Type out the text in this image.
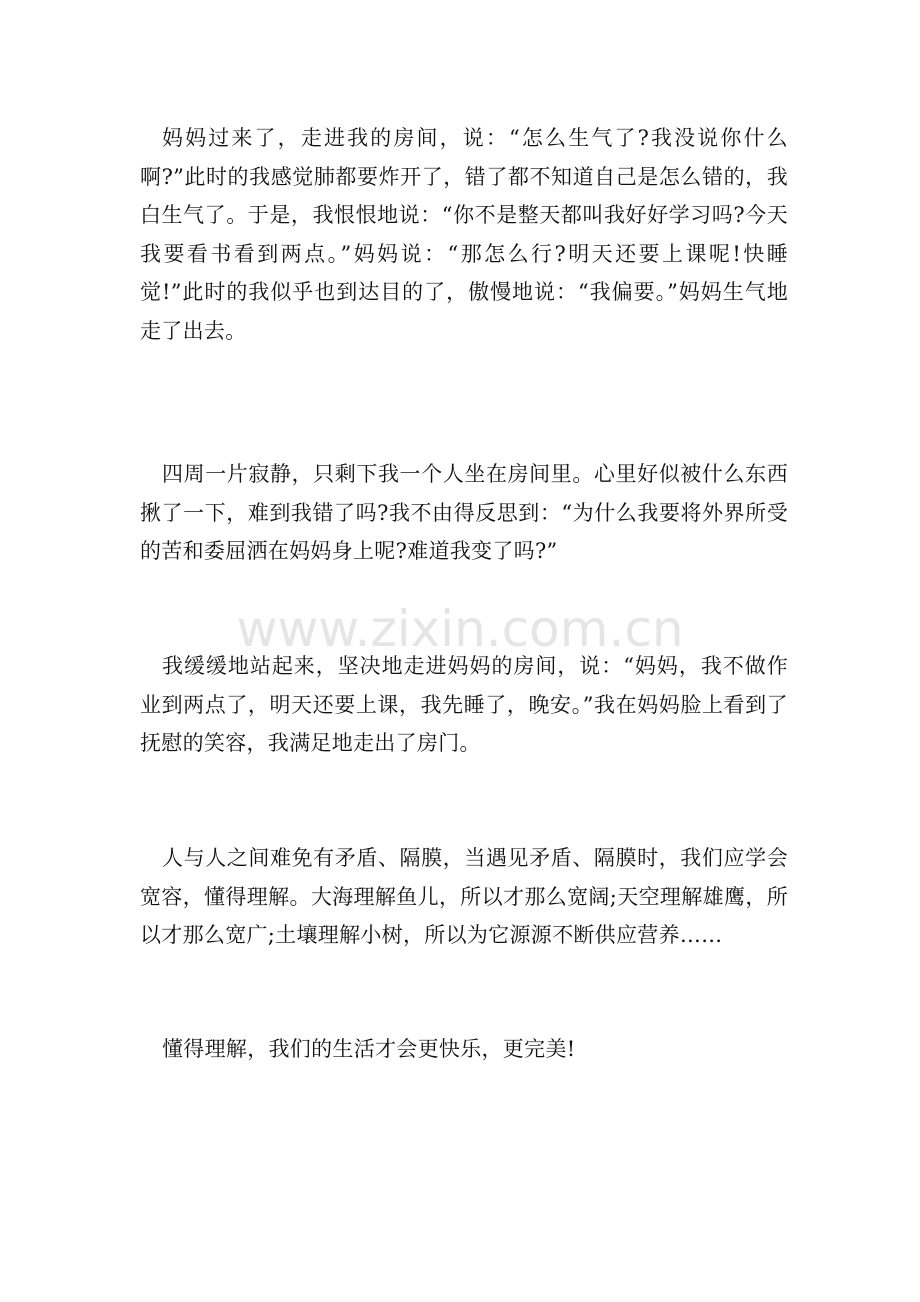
妈妈过来了，走进我的房间，说：“怎么生气了?我没说你什么啊?”此时的我感觉肺都要炸开了，错了都不知道自己是怎么错的，我白生气了。于是，我恨恨地说：“你不是整天都叫我好好学习吗?今天我要看书看到两点。”妈妈说：“那怎么行?明天还要上课呢!快睡觉!”此时的我似乎也到达目的了，傲慢地说：“我偏要。”妈妈生气地走了出去。

四周一片寂静，只剩下我一个人坐在房间里。心里好似被什么东西揪了一下，难到我错了吗?我不由得反思到：“为什么我要将外界所受的苦和委屈洒在妈妈身上呢?难道我变了吗?”

www.zixin.com.cn

我缓缓地站起来，坚决地走进妈妈的房间，说：“妈妈，我不做作业到两点了，明天还要上课，我先睡了，晚安。”我在妈妈脸上看到了抚慰的笑容，我满足地走出了房门。

人与人之间难免有矛盾、隔膜，当遇见矛盾、隔膜时，我们应学会宽容，懂得理解。大海理解鱼儿，所以才那么宽阔;天空理解雄鹰，所以才那么宽广;土壤理解小树，所以为它源源不断供应营养……

懂得理解，我们的生活才会更快乐，更完美!
